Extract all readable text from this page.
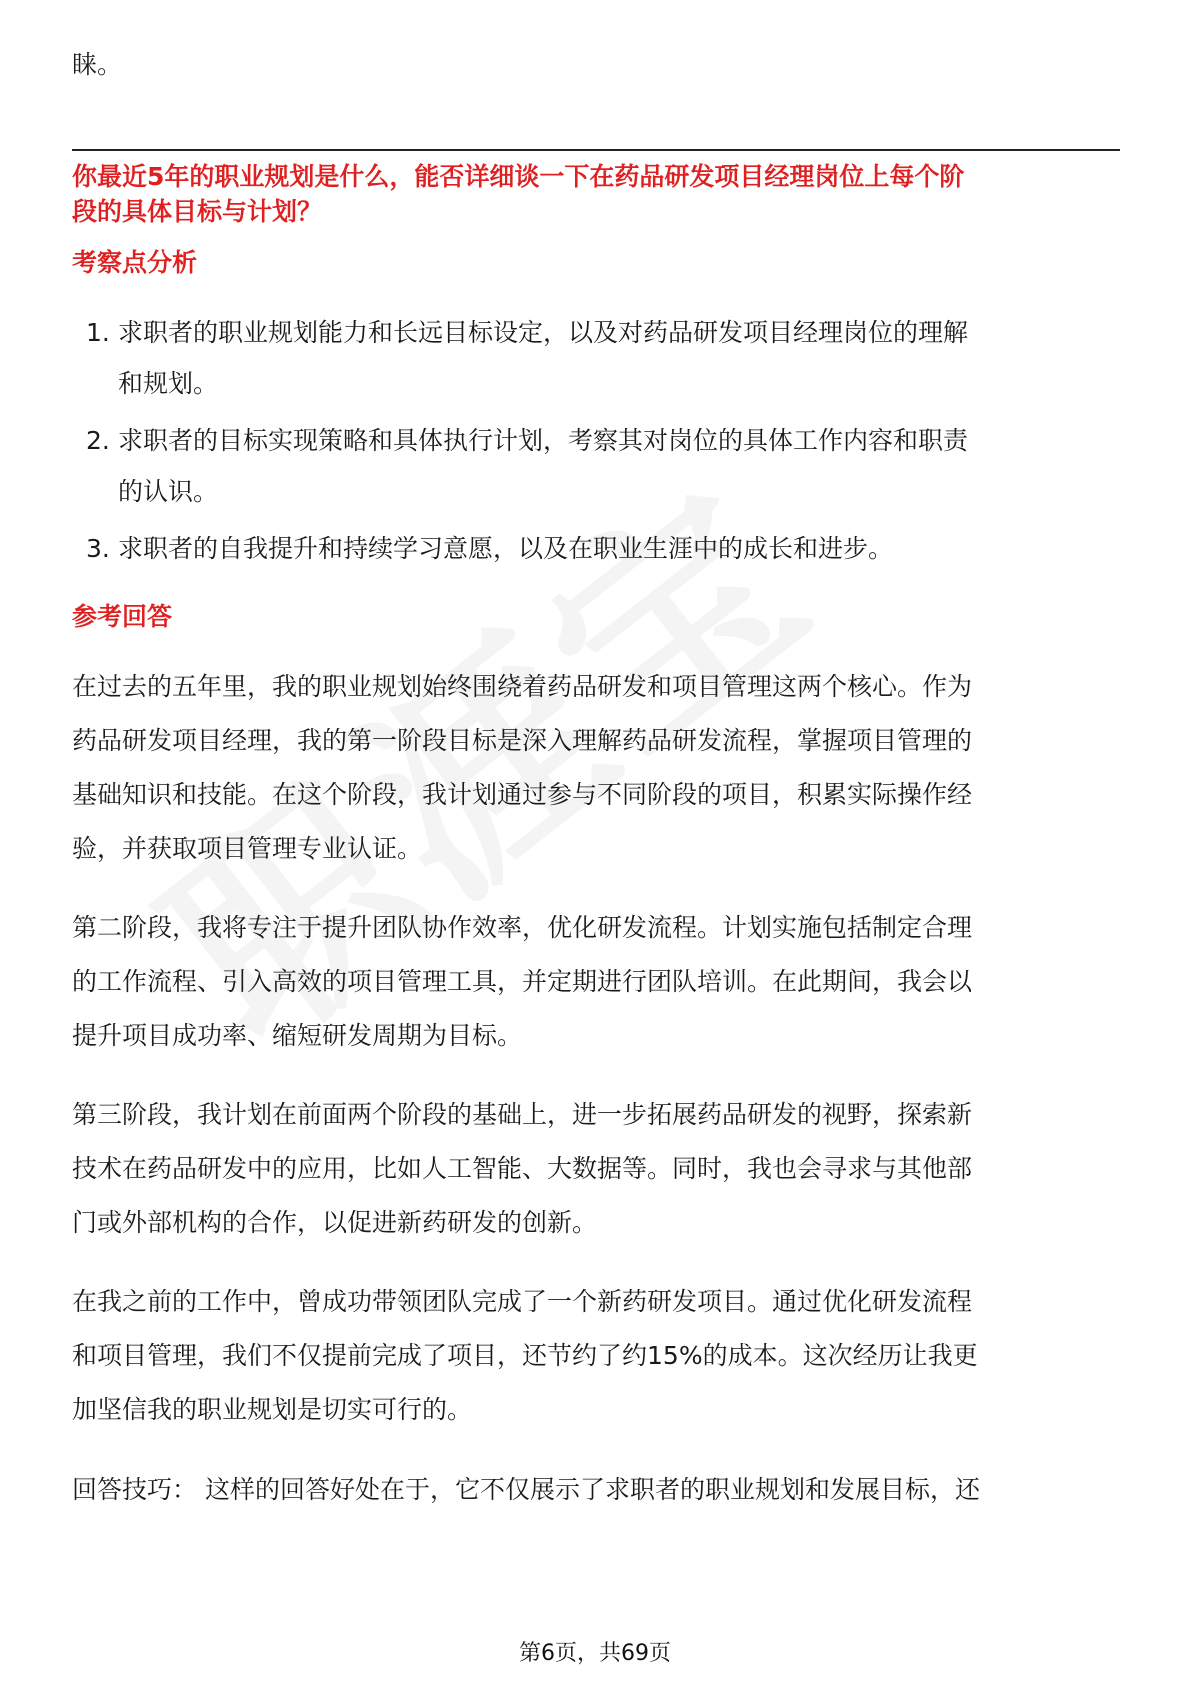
睐。
你最近5年的职业规划是什么，能否详细谈一下在药品研发项目经理岗位上每个阶
段的具体目标与计划？
考察点分析
1. 求职者的职业规划能力和长远目标设定，以及对药品研发项目经理岗位的理解
和规划。
2. 求职者的目标实现策略和具体执行计划，考察其对岗位的具体工作内容和职责
的认识。
3. 求职者的自我提升和持续学习意愿，以及在职业生涯中的成长和进步。
参考回答
在过去的五年里，我的职业规划始终围绕着药品研发和项目管理这两个核心。作为
药品研发项目经理，我的第一阶段目标是深入理解药品研发流程，掌握项目管理的
基础知识和技能。在这个阶段，我计划通过参与不同阶段的项目，积累实际操作经
验，并获取项目管理专业认证。
第二阶段，我将专注于提升团队协作效率，优化研发流程。计划实施包括制定合理
的工作流程、引入高效的项目管理工具，并定期进行团队培训。在此期间，我会以
提升项目成功率、缩短研发周期为目标。
第三阶段，我计划在前面两个阶段的基础上，进一步拓展药品研发的视野，探索新
技术在药品研发中的应用，比如人工智能、大数据等。同时，我也会寻求与其他部
门或外部机构的合作，以促进新药研发的创新。
在我之前的工作中，曾成功带领团队完成了一个新药研发项目。通过优化研发流程
和项目管理，我们不仅提前完成了项目，还节约了约15%的成本。这次经历让我更
加坚信我的职业规划是切实可行的。
回答技巧： 这样的回答好处在于，它不仅展示了求职者的职业规划和发展目标，还
第6页，共69页
